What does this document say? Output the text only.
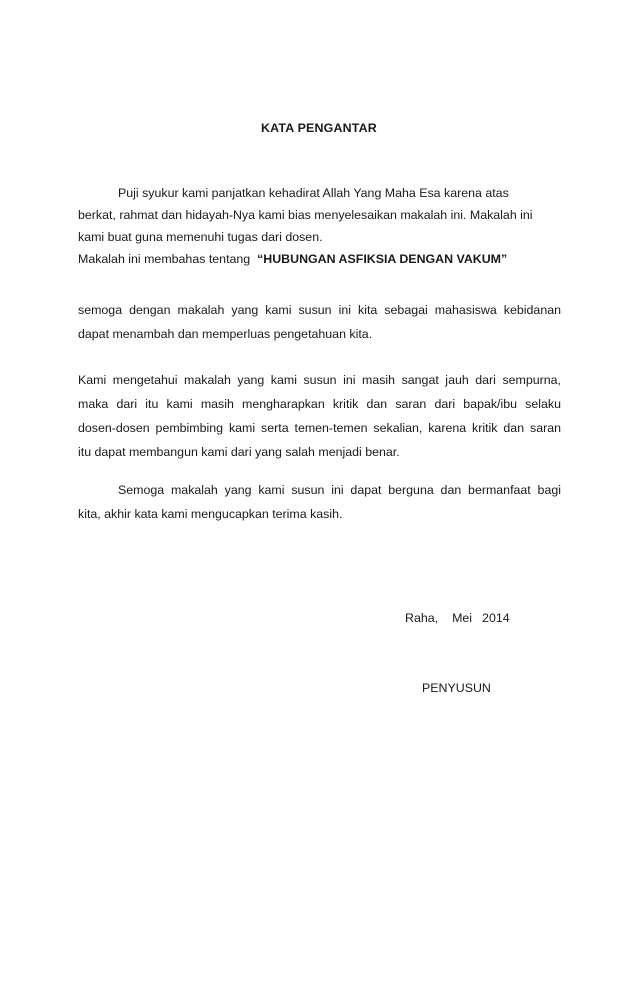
KATA PENGANTAR
Puji syukur kami panjatkan kehadirat Allah Yang Maha Esa karena atas
berkat, rahmat dan hidayah-Nya kami bias menyelesaikan makalah ini. Makalah ini
kami buat guna memenuhi tugas dari dosen.
Makalah ini membahas tentang “HUBUNGAN ASFIKSIA DENGAN VAKUM”
semoga dengan makalah yang kami susun ini kita sebagai mahasiswa kebidanan
dapat menambah dan memperluas pengetahuan kita.
Kami mengetahui makalah yang kami susun ini masih sangat jauh dari sempurna,
maka dari itu kami masih mengharapkan kritik dan saran dari bapak/ibu selaku
dosen-dosen pembimbing kami serta temen-temen sekalian, karena kritik dan saran
itu dapat membangun kami dari yang salah menjadi benar.
Semoga makalah yang kami susun ini dapat berguna dan bermanfaat bagi
kita, akhir kata kami mengucapkan terima kasih.
Raha, Mei 2014
PENYUSUN
